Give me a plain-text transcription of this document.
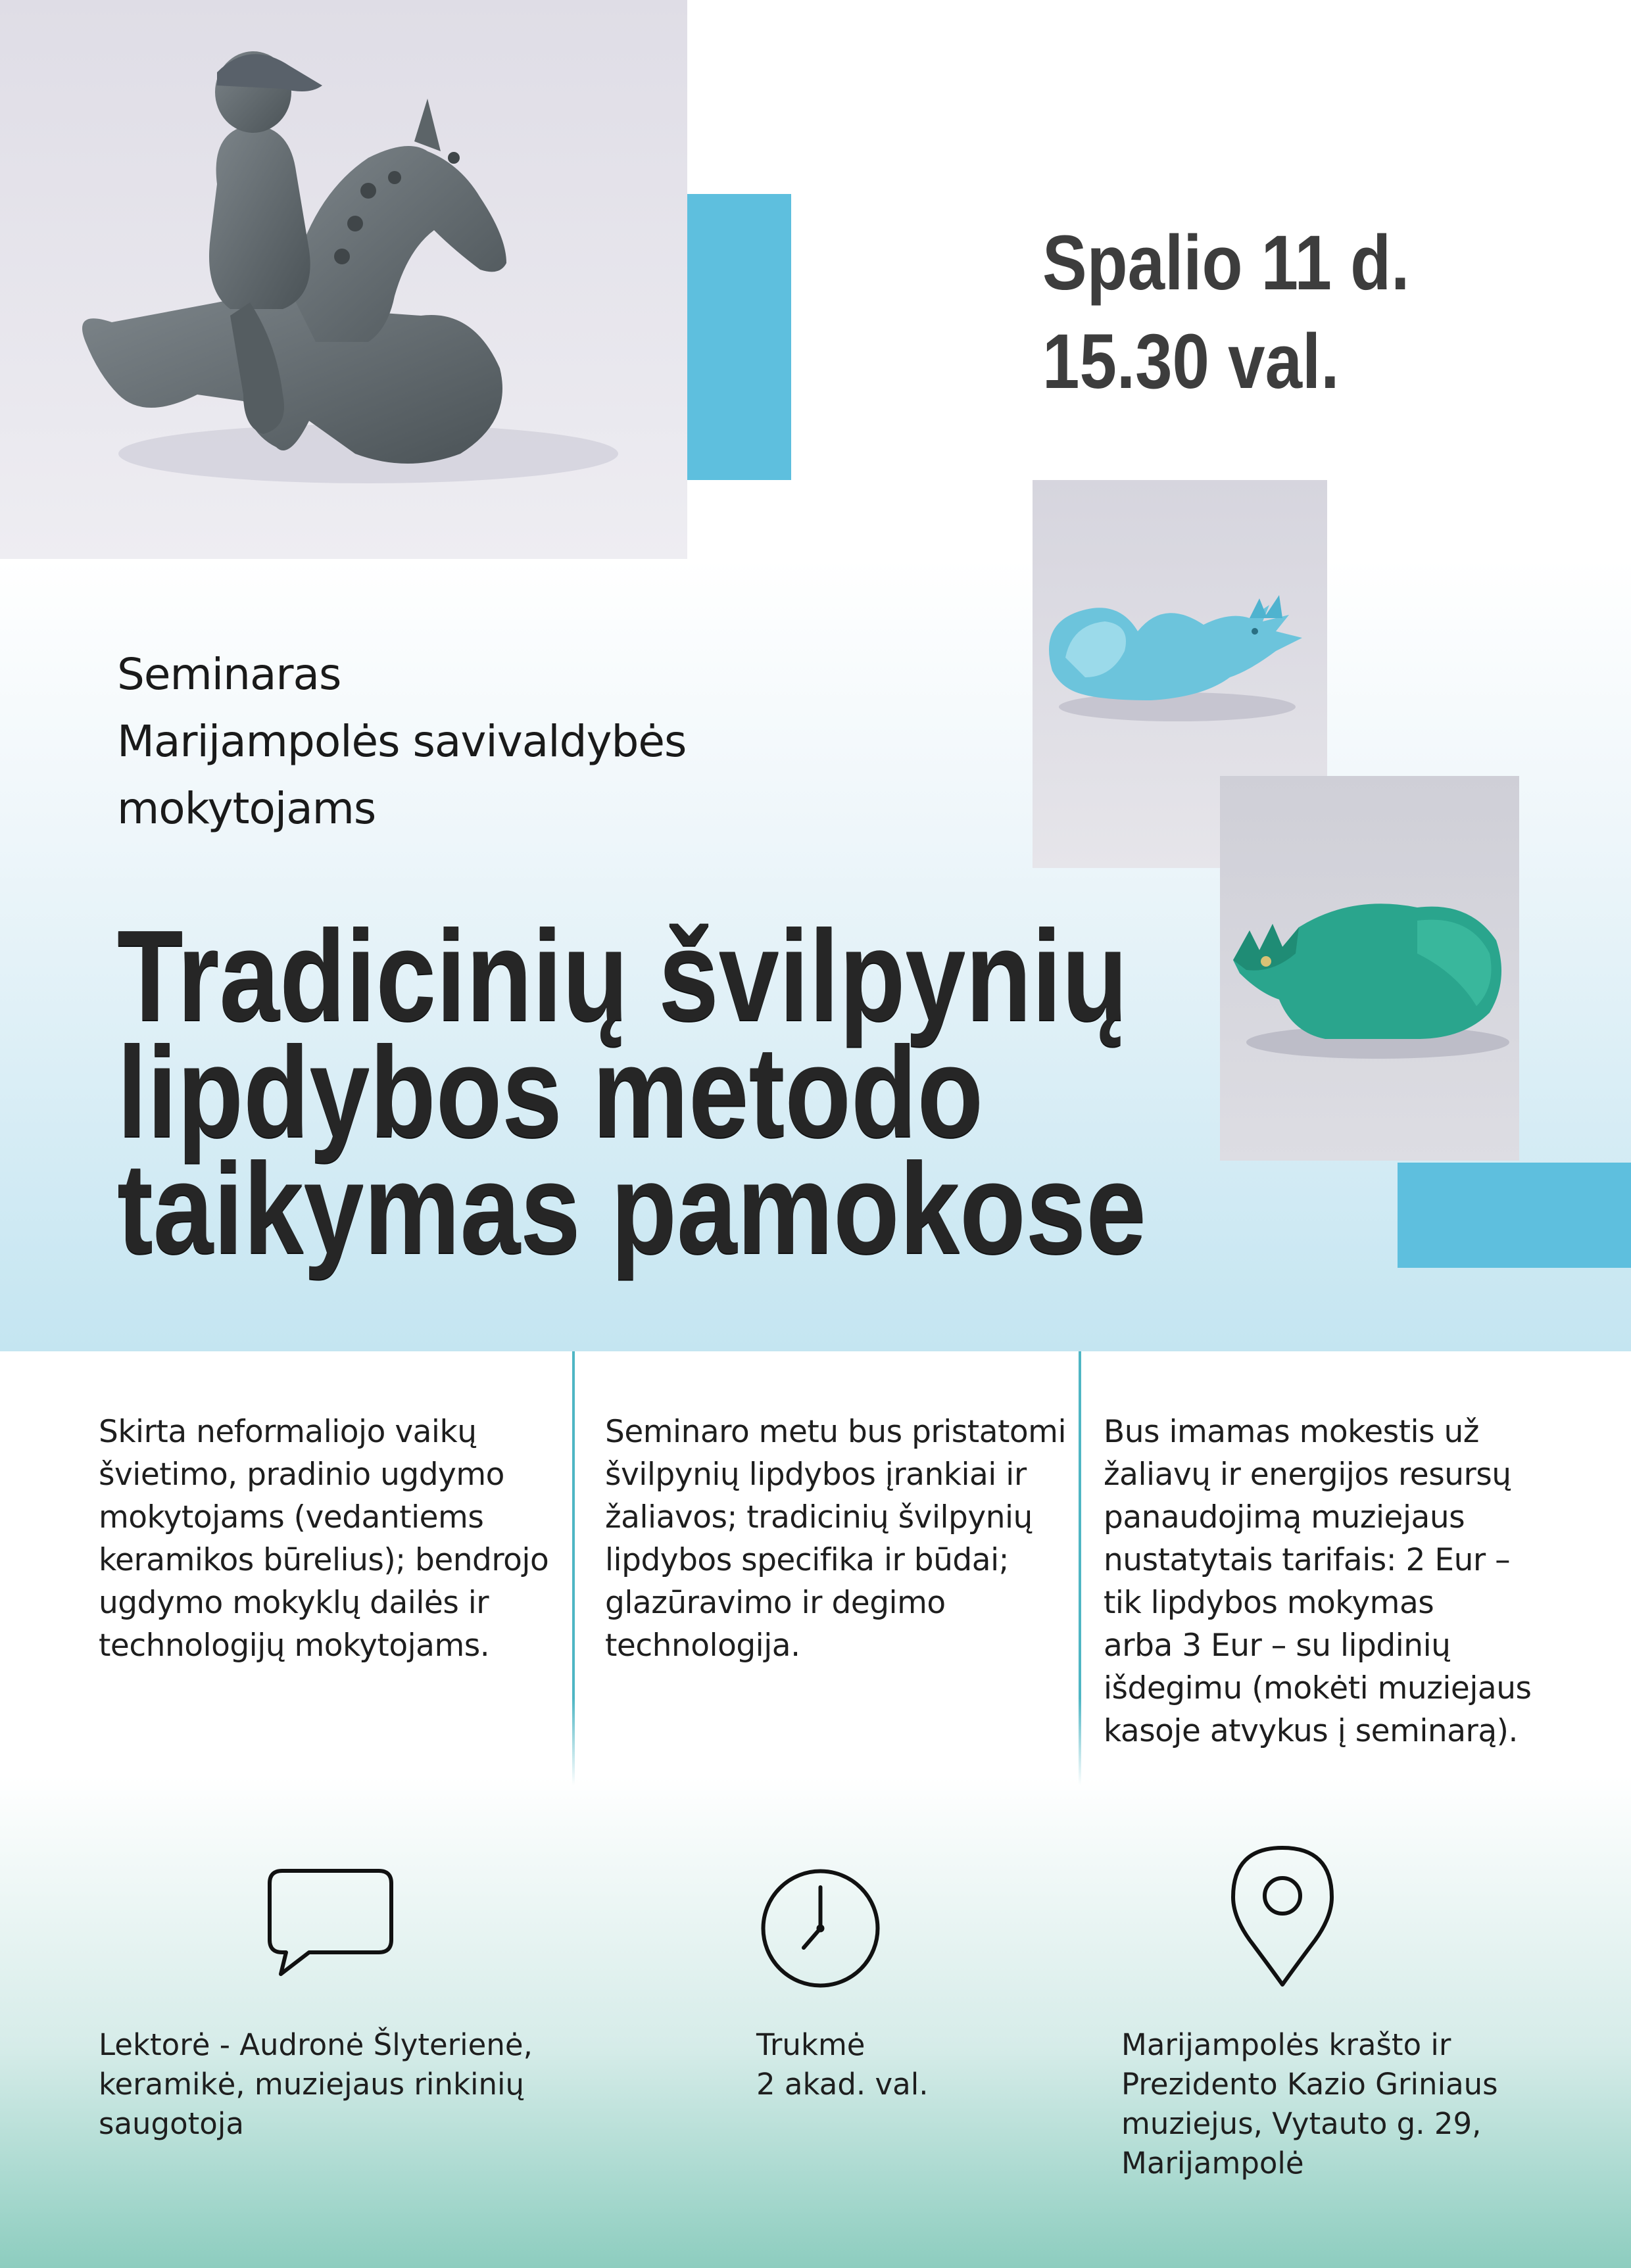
Spalio 11 d.
15.30 val.
Seminaras
Marijampolės savivaldybės
mokytojams
Tradicinių švilpynių
lipdybos metodo
taikymas pamokose
Skirta neformaliojo vaikų
švietimo, pradinio ugdymo
mokytojams (vedantiems
keramikos būrelius); bendrojo
ugdymo mokyklų dailės ir
technologijų mokytojams.
Seminaro metu bus pristatomi
švilpynių lipdybos įrankiai ir
žaliavos; tradicinių švilpynių
lipdybos specifika ir būdai;
glazūravimo ir degimo
technologija.
Bus imamas mokestis už
žaliavų ir energijos resursų
panaudojimą muziejaus
nustatytais tarifais: 2 Eur –
tik lipdybos mokymas
arba 3 Eur – su lipdinių
išdegimu (mokėti muziejaus
kasoje atvykus į seminarą).
Lektorė - Audronė Šlyterienė,
keramikė, muziejaus rinkinių
saugotoja
Trukmė
2 akad. val.
Marijampolės krašto ir
Prezidento Kazio Griniaus
muziejus, Vytauto g. 29,
Marijampolė
